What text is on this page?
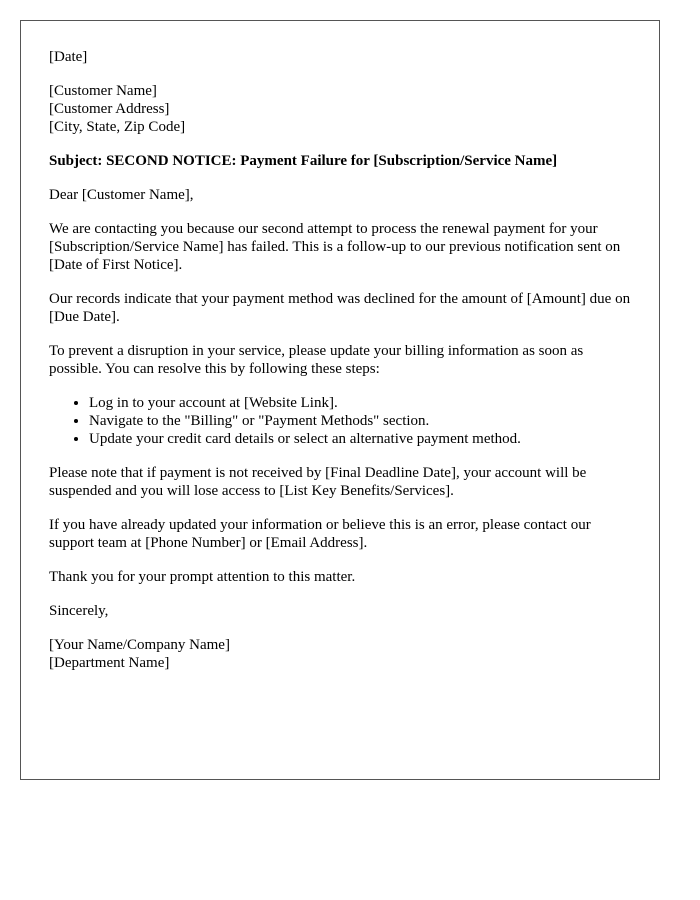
[Date]

[Customer Name]
[Customer Address]
[City, State, Zip Code]

Subject: SECOND NOTICE: Payment Failure for [Subscription/Service Name]

Dear [Customer Name],

We are contacting you because our second attempt to process the renewal payment for your [Subscription/Service Name] has failed. This is a follow-up to our previous notification sent on [Date of First Notice].

Our records indicate that your payment method was declined for the amount of [Amount] due on [Due Date].

To prevent a disruption in your service, please update your billing information as soon as possible. You can resolve this by following these steps:

• Log in to your account at [Website Link].
• Navigate to the "Billing" or "Payment Methods" section.
• Update your credit card details or select an alternative payment method.

Please note that if payment is not received by [Final Deadline Date], your account will be suspended and you will lose access to [List Key Benefits/Services].

If you have already updated your information or believe this is an error, please contact our support team at [Phone Number] or [Email Address].

Thank you for your prompt attention to this matter.

Sincerely,

[Your Name/Company Name]
[Department Name]
